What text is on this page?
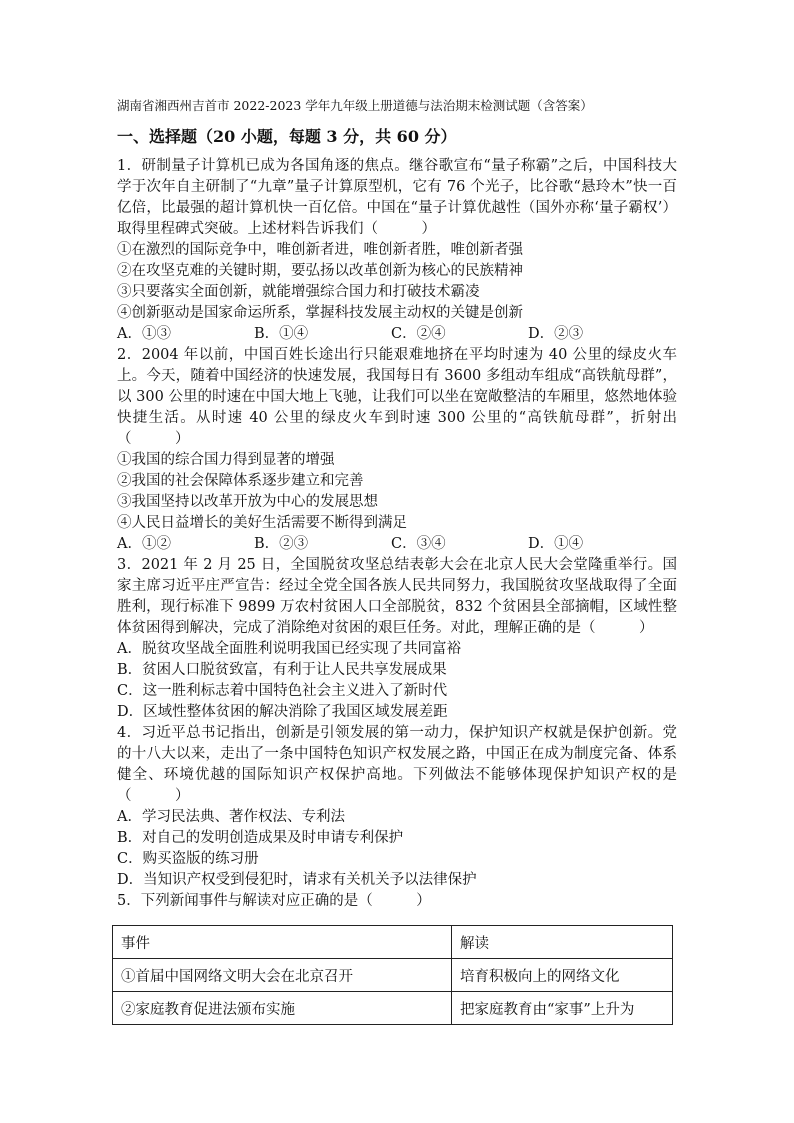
湖南省湘西州吉首市 2022-2023 学年九年级上册道德与法治期末检测试题（含答案）
一、选择题（20 小题，每题 3 分，共 60 分）
1．研制量子计算机已成为各国角逐的焦点。继谷歌宣布“量子称霸”之后，中国科技大学于次年自主研制了“九章”量子计算原型机，它有 76 个光子，比谷歌“悬玲木”快一百亿倍，比最强的超计算机快一百亿倍。中国在“量子计算优越性（国外亦称‘量子霸权’）取得里程碑式突破。上述材料告诉我们（　　　）
①在激烈的国际竞争中，唯创新者进，唯创新者胜，唯创新者强
②在攻坚克难的关键时期，要弘扬以改革创新为核心的民族精神
③只要落实全面创新，就能增强综合国力和打破技术霸凌
④创新驱动是国家命运所系，掌握科技发展主动权的关键是创新
A．①③	B．①④	C．②④	D．②③
2．2004 年以前，中国百姓长途出行只能艰难地挤在平均时速为 40 公里的绿皮火车上。今天，随着中国经济的快速发展，我国每日有 3600 多组动车组成“高铁航母群”，以 300 公里的时速在中国大地上飞驰，让我们可以坐在宽敞整洁的车厢里，悠然地体验快捷生活。从时速 40 公里的绿皮火车到时速 300 公里的“高铁航母群”，折射出（　　　）
①我国的综合国力得到显著的增强
②我国的社会保障体系逐步建立和完善
③我国坚持以改革开放为中心的发展思想
④人民日益增长的美好生活需要不断得到满足
A．①②	B．②③	C．③④	D．①④
3．2021 年 2 月 25 日，全国脱贫攻坚总结表彰大会在北京人民大会堂隆重举行。国家主席习近平庄严宣告：经过全党全国各族人民共同努力，我国脱贫攻坚战取得了全面胜利，现行标准下 9899 万农村贫困人口全部脱贫，832 个贫困县全部摘帽，区域性整体贫困得到解决，完成了消除绝对贫困的艰巨任务。对此，理解正确的是（　　　）
A．脱贫攻坚战全面胜利说明我国已经实现了共同富裕
B．贫困人口脱贫致富，有利于让人民共享发展成果
C．这一胜利标志着中国特色社会主义进入了新时代
D．区域性整体贫困的解决消除了我国区域发展差距
4．习近平总书记指出，创新是引领发展的第一动力，保护知识产权就是保护创新。党的十八大以来，走出了一条中国特色知识产权发展之路，中国正在成为制度完备、体系健全、环境优越的国际知识产权保护高地。下列做法不能够体现保护知识产权的是（　　　）
A．学习民法典、著作权法、专利法
B．对自己的发明创造成果及时申请专利保护
C．购买盗版的练习册
D．当知识产权受到侵犯时，请求有关机关予以法律保护
5．下列新闻事件与解读对应正确的是（　　　）
事件	解读
①首届中国网络文明大会在北京召开	培育积极向上的网络文化
②家庭教育促进法颁布实施	把家庭教育由“家事”上升为
